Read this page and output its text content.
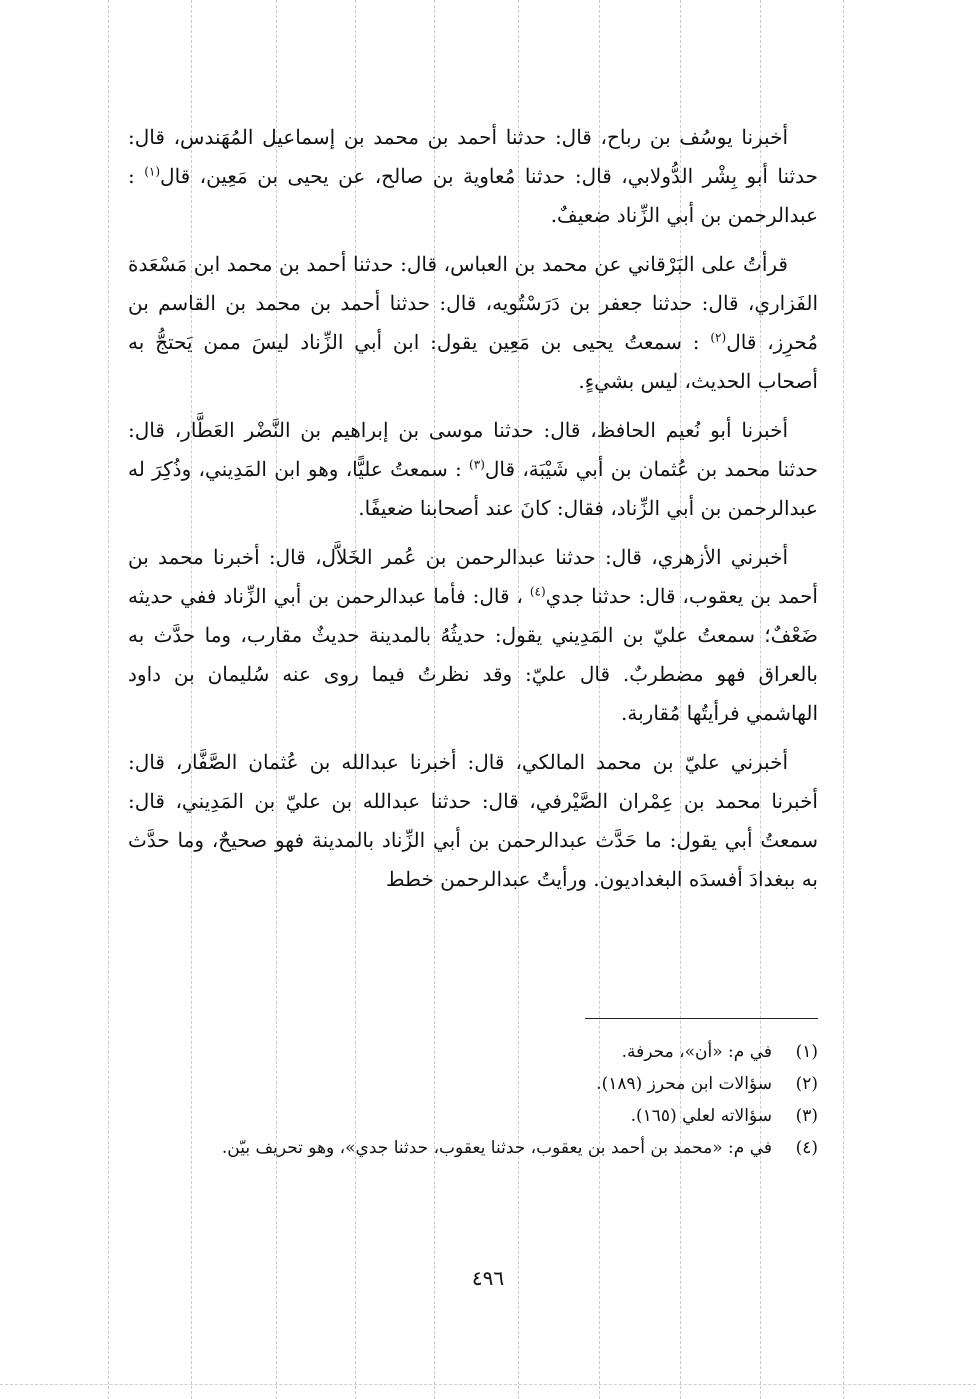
أخبرنا يوسُف بن رباح، قال: حدثنا أحمد بن محمد بن إسماعيل المُهَندس، قال: حدثنا أبو بِشْر الدُّولابي، قال: حدثنا مُعاوية بن صالح، عن يحيى بن مَعِين، قال$^{(١)}$ : عبدالرحمن بن أبي الزِّناد ضعيفٌ.

قرأتُ على البَرْقاني عن محمد بن العباس، قال: حدثنا أحمد بن محمد ابن مَسْعَدة الفَزاري، قال: حدثنا جعفر بن دَرَسْتُويه، قال: حدثنا أحمد بن محمد بن القاسم بن مُحرِز، قال$^{(٢)}$ : سمعتُ يحيى بن مَعِين يقول: ابن أبي الزِّناد ليسَ ممن يَحتجُّ به أصحاب الحديث، ليس بشيءٍ.

أخبرنا أبو نُعيم الحافظ، قال: حدثنا موسى بن إبراهيم بن النَّضْر العَطَّار، قال: حدثنا محمد بن عُثمان بن أبي شَيْبَة، قال$^{(٣)}$ : سمعتُ عليًّا، وهو ابن المَدِيني، وذُكِرَ له عبدالرحمن بن أبي الزِّناد، فقال: كانَ عند أصحابنا ضعيفًا.

أخبرني الأزهري، قال: حدثنا عبدالرحمن بن عُمر الخَلاَّل، قال: أخبرنا محمد بن أحمد بن يعقوب، قال: حدثنا جدي$^{(٤)}$ ، قال: فأما عبدالرحمن بن أبي الزِّناد ففي حديثه ضَعْفٌ؛ سمعتُ عليّ بن المَدِيني يقول: حديثُهُ بالمدينة حديثٌ مقارب، وما حدَّث به بالعراق فهو مضطربٌ. قال عليّ: وقد نظرتُ فيما روى عنه سُليمان بن داود الهاشمي فرأيتُها مُقاربة.

أخبرني عليّ بن محمد المالكي، قال: أخبرنا عبدالله بن عُثمان الصَّفَّار، قال: أخبرنا محمد بن عِمْران الصَّيْرفي، قال: حدثنا عبدالله بن عليّ بن المَدِيني، قال: سمعتُ أبي يقول: ما حَدَّث عبدالرحمن بن أبي الزِّناد بالمدينة فهو صحيحٌ، وما حدَّث به ببغدادَ أفسدَه البغداديون. ورأيتُ عبدالرحمن خطط

(١)
في م: «أن»، محرفة.
(٢)
سؤالات ابن محرز (١٨٩).
(٣)
سؤالاته لعلي (١٦٥).
(٤)
في م: «محمد بن أحمد بن يعقوب، حدثنا يعقوب، حدثنا جدي»، وهو تحريف بيّن.
٤٩٦
